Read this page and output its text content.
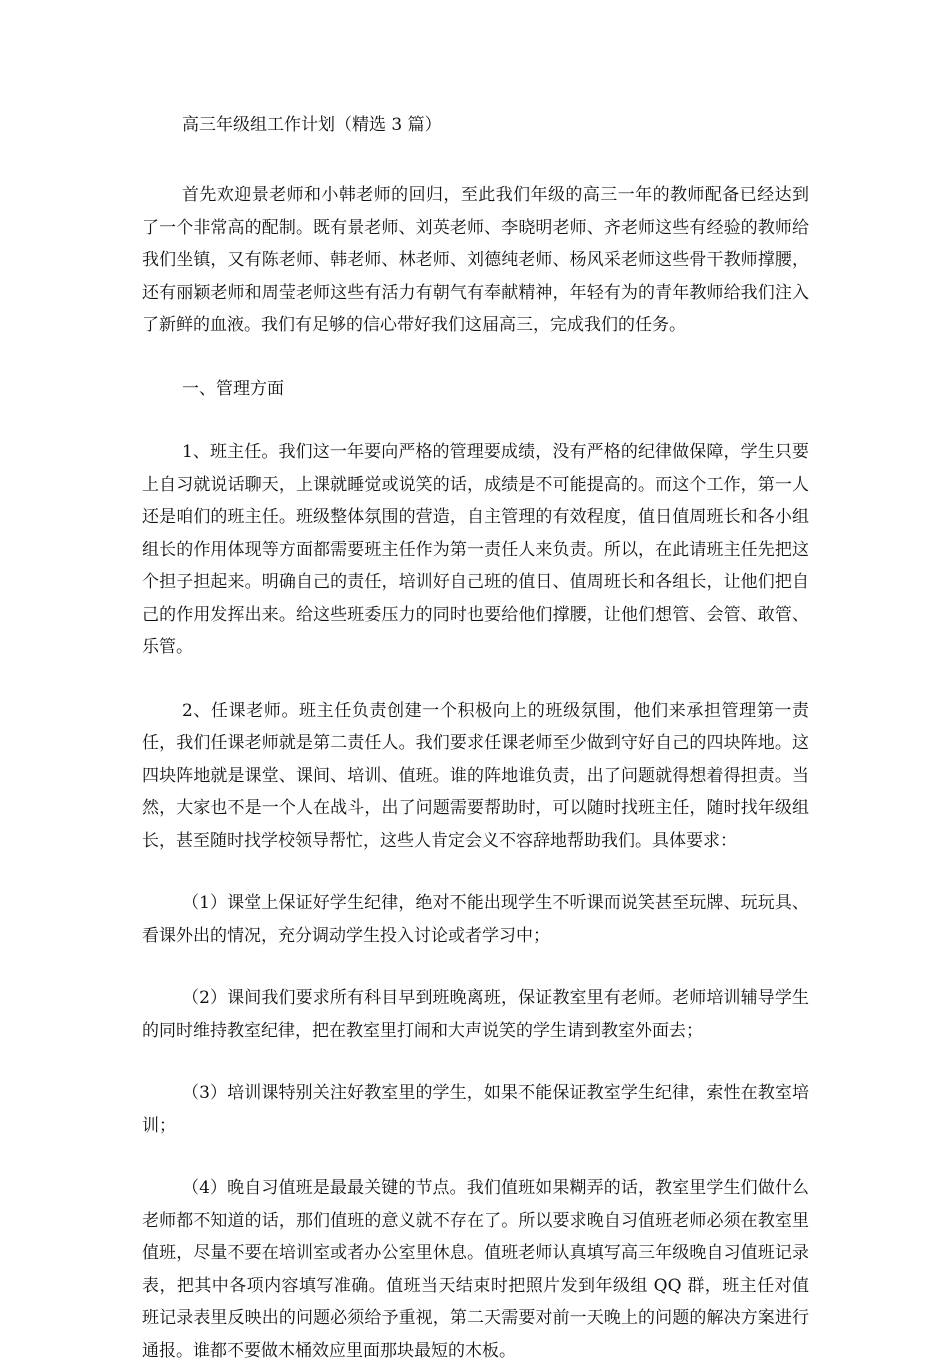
高三年级组工作计划（精选 3 篇）

首先欢迎景老师和小韩老师的回归，至此我们年级的高三一年的教师配备已经达到了一个非常高的配制。既有景老师、刘英老师、李晓明老师、齐老师这些有经验的教师给我们坐镇，又有陈老师、韩老师、林老师、刘德纯老师、杨风采老师这些骨干教师撑腰，还有丽颖老师和周莹老师这些有活力有朝气有奉献精神，年轻有为的青年教师给我们注入了新鲜的血液。我们有足够的信心带好我们这届高三，完成我们的任务。

一、管理方面

1、班主任。我们这一年要向严格的管理要成绩，没有严格的纪律做保障，学生只要上自习就说话聊天，上课就睡觉或说笑的话，成绩是不可能提高的。而这个工作，第一人还是咱们的班主任。班级整体氛围的营造，自主管理的有效程度，值日值周班长和各小组组长的作用体现等方面都需要班主任作为第一责任人来负责。所以，在此请班主任先把这个担子担起来。明确自己的责任，培训好自己班的值日、值周班长和各组长，让他们把自己的作用发挥出来。给这些班委压力的同时也要给他们撑腰，让他们想管、会管、敢管、乐管。

2、任课老师。班主任负责创建一个积极向上的班级氛围，他们来承担管理第一责任，我们任课老师就是第二责任人。我们要求任课老师至少做到守好自己的四块阵地。这四块阵地就是课堂、课间、培训、值班。谁的阵地谁负责，出了问题就得想着得担责。当然，大家也不是一个人在战斗，出了问题需要帮助时，可以随时找班主任，随时找年级组长，甚至随时找学校领导帮忙，这些人肯定会义不容辞地帮助我们。具体要求：

（1）课堂上保证好学生纪律，绝对不能出现学生不听课而说笑甚至玩牌、玩玩具、看课外出的情况，充分调动学生投入讨论或者学习中；

（2）课间我们要求所有科目早到班晚离班，保证教室里有老师。老师培训辅导学生的同时维持教室纪律，把在教室里打闹和大声说笑的学生请到教室外面去；

（3）培训课特别关注好教室里的学生，如果不能保证教室学生纪律，索性在教室培训；

（4）晚自习值班是最最关键的节点。我们值班如果糊弄的话，教室里学生们做什么老师都不知道的话，那们值班的意义就不存在了。所以要求晚自习值班老师必须在教室里值班，尽量不要在培训室或者办公室里休息。值班老师认真填写高三年级晚自习值班记录表，把其中各项内容填写准确。值班当天结束时把照片发到年级组 QQ 群，班主任对值班记录表里反映出的问题必须给予重视，第二天需要对前一天晚上的问题的解决方案进行通报。谁都不要做木桶效应里面那块最短的木板。
